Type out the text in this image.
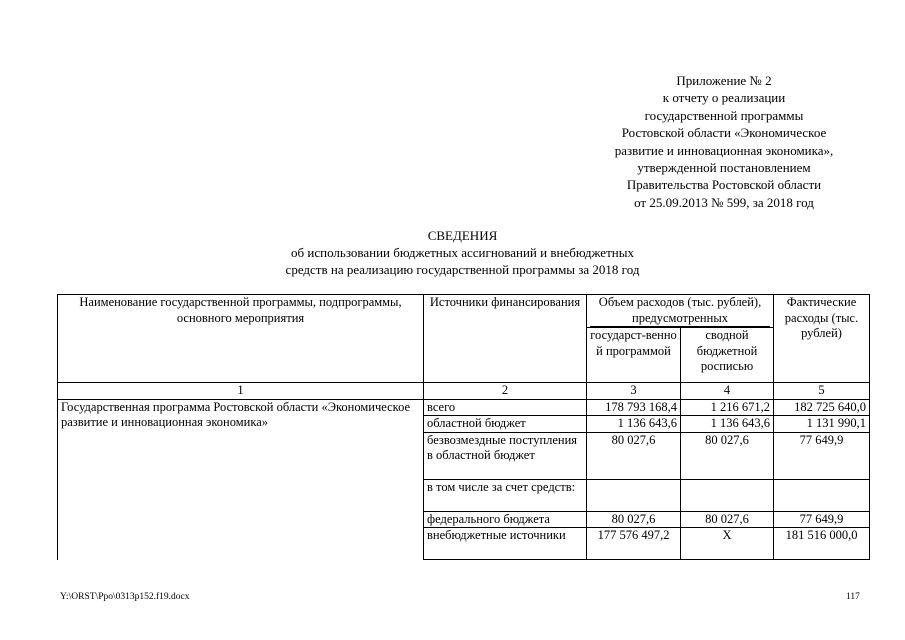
Приложение № 2
к отчету о реализации
государственной программы
Ростовской области «Экономическое
развитие и инновационная экономика»,
утвержденной постановлением
Правительства Ростовской области
от 25.09.2013 № 599, за 2018 год
СВЕДЕНИЯ
об использовании бюджетных ассигнований и внебюджетных
средств на реализацию государственной программы за 2018 год
Наименование государственной программы, подпрограммы, основного мероприятия	Источники финансирования	Объем расходов (тыс. рублей), предусмотренных		Фактические расходы (тыс. рублей)
		государст-венной программой	сводной бюджетной росписью	
1	2	3	4	5
Государственная программа Ростовской области «Экономическое развитие и инновационная экономика»	всего	178 793 168,4	1 216 671,2	182 725 640,0
	областной бюджет	1 136 643,6	1 136 643,6	1 131 990,1
	безвозмездные поступления в областной бюджет	80 027,6	80 027,6	77 649,9
	в том числе за счет средств:			
	федерального бюджета	80 027,6	80 027,6	77 649,9
	внебюджетные источники	177 576 497,2	Х	181 516 000,0
Y:\ORST\Ppo\0313p152.f19.docx	117
